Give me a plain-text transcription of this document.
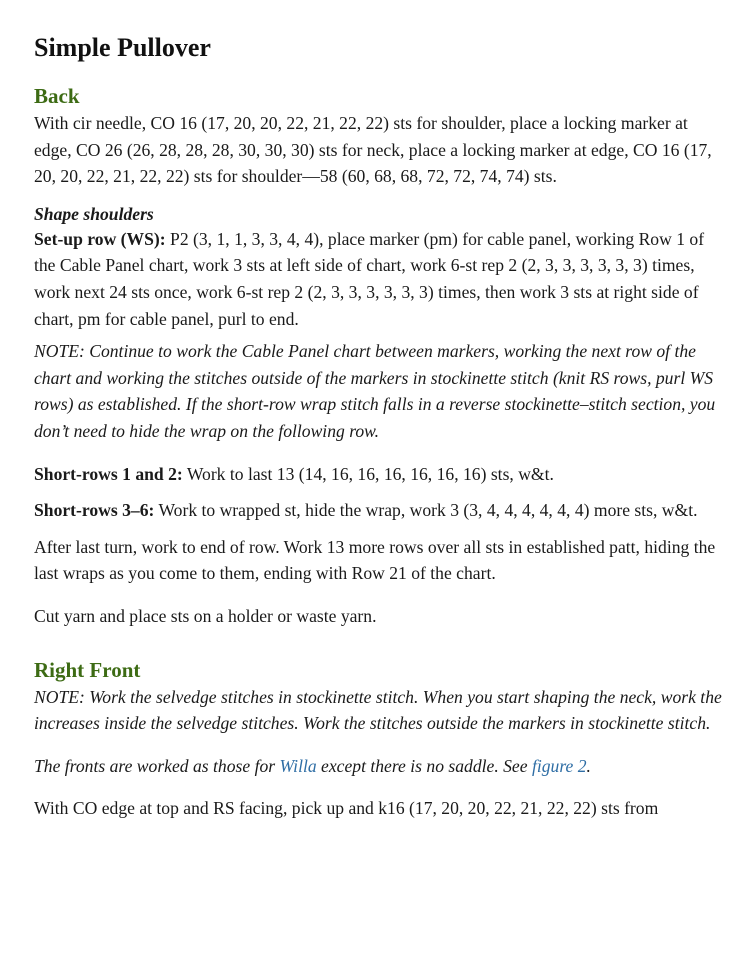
Simple Pullover
Back

With cir needle, CO 16 (17, 20, 20, 22, 21, 22, 22) sts for shoulder, place a locking marker at edge, CO 26 (26, 28, 28, 28, 30, 30, 30) sts for neck, place a locking marker at edge, CO 16 (17, 20, 20, 22, 21, 22, 22) sts for shoulder—58 (60, 68, 68, 72, 72, 74, 74) sts.

Shape shoulders

Set-up row (WS): P2 (3, 1, 1, 3, 3, 4, 4), place marker (pm) for cable panel, working Row 1 of the Cable Panel chart, work 3 sts at left side of chart, work 6-st rep 2 (2, 3, 3, 3, 3, 3, 3) times, work next 24 sts once, work 6-st rep 2 (2, 3, 3, 3, 3, 3, 3) times, then work 3 sts at right side of chart, pm for cable panel, purl to end.

NOTE: Continue to work the Cable Panel chart between markers, working the next row of the chart and working the stitches outside of the markers in stockinette stitch (knit RS rows, purl WS rows) as established. If the short-row wrap stitch falls in a reverse stockinette–stitch section, you don’t need to hide the wrap on the following row.

Short-rows 1 and 2: Work to last 13 (14, 16, 16, 16, 16, 16, 16) sts, w&t.

Short-rows 3–6: Work to wrapped st, hide the wrap, work 3 (3, 4, 4, 4, 4, 4, 4) more sts, w&t.

After last turn, work to end of row. Work 13 more rows over all sts in established patt, hiding the last wraps as you come to them, ending with Row 21 of the chart.

Cut yarn and place sts on a holder or waste yarn.

Right Front

NOTE: Work the selvedge stitches in stockinette stitch. When you start shaping the neck, work the increases inside the selvedge stitches. Work the stitches outside the markers in stockinette stitch.

The fronts are worked as those for Willa except there is no saddle. See figure 2.

With CO edge at top and RS facing, pick up and k16 (17, 20, 20, 22, 21, 22, 22) sts from
